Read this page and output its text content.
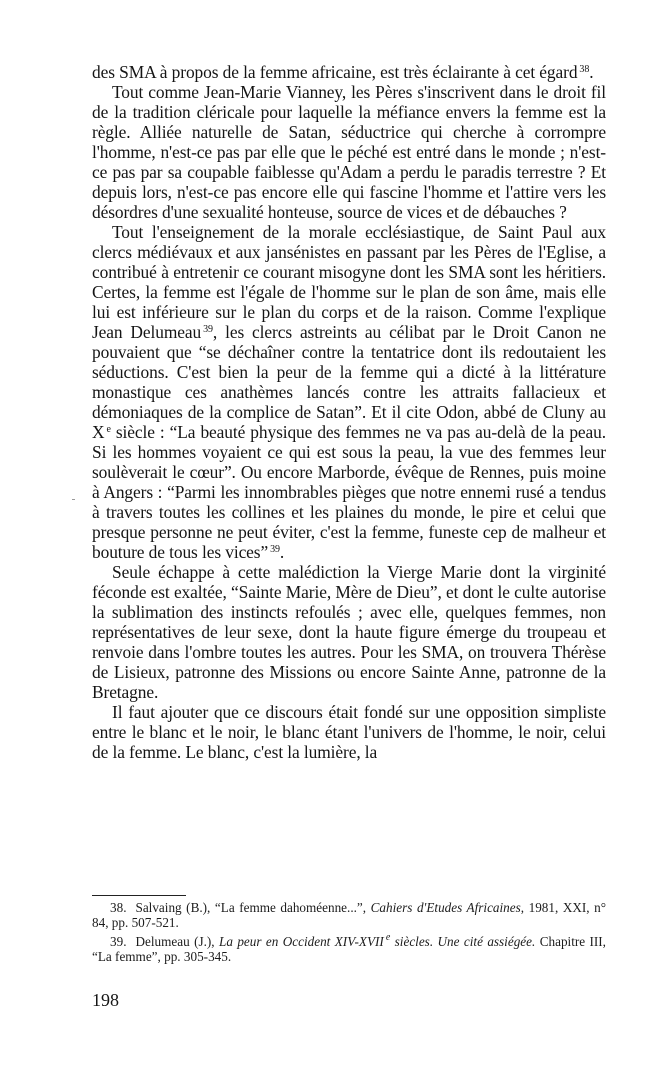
des SMA à propos de la femme africaine, est très éclairante à cet égard $^{38}$.

Tout comme Jean-Marie Vianney, les Pères s'inscrivent dans le droit fil de la tradition cléricale pour laquelle la méfiance envers la femme est la règle. Alliée naturelle de Satan, séductrice qui cherche à corrompre l'homme, n'est-ce pas par elle que le péché est entré dans le monde ; n'est-ce pas par sa coupable faiblesse qu'Adam a perdu le paradis terrestre ? Et depuis lors, n'est-ce pas encore elle qui fascine l'homme et l'attire vers les désordres d'une sexualité honteuse, source de vices et de débauches ?

Tout l'enseignement de la morale ecclésiastique, de Saint Paul aux clercs médiévaux et aux jansénistes en passant par les Pères de l'Eglise, a contribué à entretenir ce courant misogyne dont les SMA sont les héritiers. Certes, la femme est l'égale de l'homme sur le plan de son âme, mais elle lui est inférieure sur le plan du corps et de la raison. Comme l'explique Jean Delumeau $^{39}$, les clercs astreints au célibat par le Droit Canon ne pouvaient que “se déchaîner contre la tentatrice dont ils redoutaient les séductions. C'est bien la peur de la femme qui a dicté à la littérature monastique ces anathèmes lancés contre les attraits fallacieux et démoniaques de la complice de Satan”. Et il cite Odon, abbé de Cluny au X $^e$ siècle : “La beauté physique des femmes ne va pas au-delà de la peau. Si les hommes voyaient ce qui est sous la peau, la vue des femmes leur soulèverait le cœur”. Ou encore Marborde, évêque de Rennes, puis moine à Angers : “Parmi les innombrables pièges que notre ennemi rusé a tendus à travers toutes les collines et les plaines du monde, le pire et celui que presque personne ne peut éviter, c'est la femme, funeste cep de malheur et bouture de tous les vices” $^{39}$.

Seule échappe à cette malédiction la Vierge Marie dont la virginité féconde est exaltée, “Sainte Marie, Mère de Dieu”, et dont le culte autorise la sublimation des instincts refoulés ; avec elle, quelques femmes, non représentatives de leur sexe, dont la haute figure émerge du troupeau et renvoie dans l'ombre toutes les autres. Pour les SMA, on trouvera Thérèse de Lisieux, patronne des Missions ou encore Sainte Anne, patronne de la Bretagne.

Il faut ajouter que ce discours était fondé sur une opposition simpliste entre le blanc et le noir, le blanc étant l'univers de l'homme, le noir, celui de la femme. Le blanc, c'est la lumière, la

38. Salvaing (B.), “La femme dahoméenne...”, Cahiers d'Etudes Africaines, 1981, XXI, n° 84, pp. 507-521.

39. Delumeau (J.), La peur en Occident XIV-XVII $^e$ siècles. Une cité assiégée. Chapitre III, “La femme”, pp. 305-345.

198
